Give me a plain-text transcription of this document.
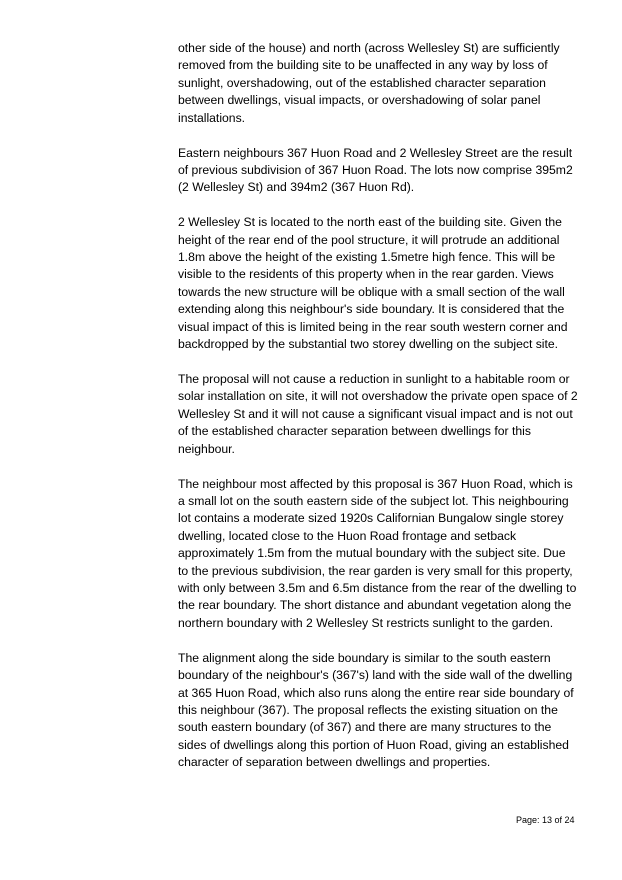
other side of the house) and north (across Wellesley St) are sufficiently
removed from the building site to be unaffected in any way by loss of
sunlight, overshadowing, out of the established character separation
between dwellings, visual impacts, or overshadowing of solar panel
installations.

Eastern neighbours 367 Huon Road and 2 Wellesley Street are the result
of previous subdivision of 367 Huon Road. The lots now comprise 395m2
(2 Wellesley St) and 394m2 (367 Huon Rd).

2 Wellesley St is located to the north east of the building site. Given the
height of the rear end of the pool structure, it will protrude an additional
1.8m above the height of the existing 1.5metre high fence. This will be
visible to the residents of this property when in the rear garden. Views
towards the new structure will be oblique with a small section of the wall
extending along this neighbour's side boundary. It is considered that the
visual impact of this is limited being in the rear south western corner and
backdropped by the substantial two storey dwelling on the subject site.

The proposal will not cause a reduction in sunlight to a habitable room or
solar installation on site, it will not overshadow the private open space of 2
Wellesley St and it will not cause a significant visual impact and is not out
of the established character separation between dwellings for this
neighbour.

The neighbour most affected by this proposal is 367 Huon Road, which is
a small lot on the south eastern side of the subject lot. This neighbouring
lot contains a moderate sized 1920s Californian Bungalow single storey
dwelling, located close to the Huon Road frontage and setback
approximately 1.5m from the mutual boundary with the subject site. Due
to the previous subdivision, the rear garden is very small for this property,
with only between 3.5m and 6.5m distance from the rear of the dwelling to
the rear boundary. The short distance and abundant vegetation along the
northern boundary with 2 Wellesley St restricts sunlight to the garden.

The alignment along the side boundary is similar to the south eastern
boundary of the neighbour's (367's) land with the side wall of the dwelling
at 365 Huon Road, which also runs along the entire rear side boundary of
this neighbour (367). The proposal reflects the existing situation on the
south eastern boundary (of 367) and there are many structures to the
sides of dwellings along this portion of Huon Road, giving an established
character of separation between dwellings and properties.

Page: 13 of 24
